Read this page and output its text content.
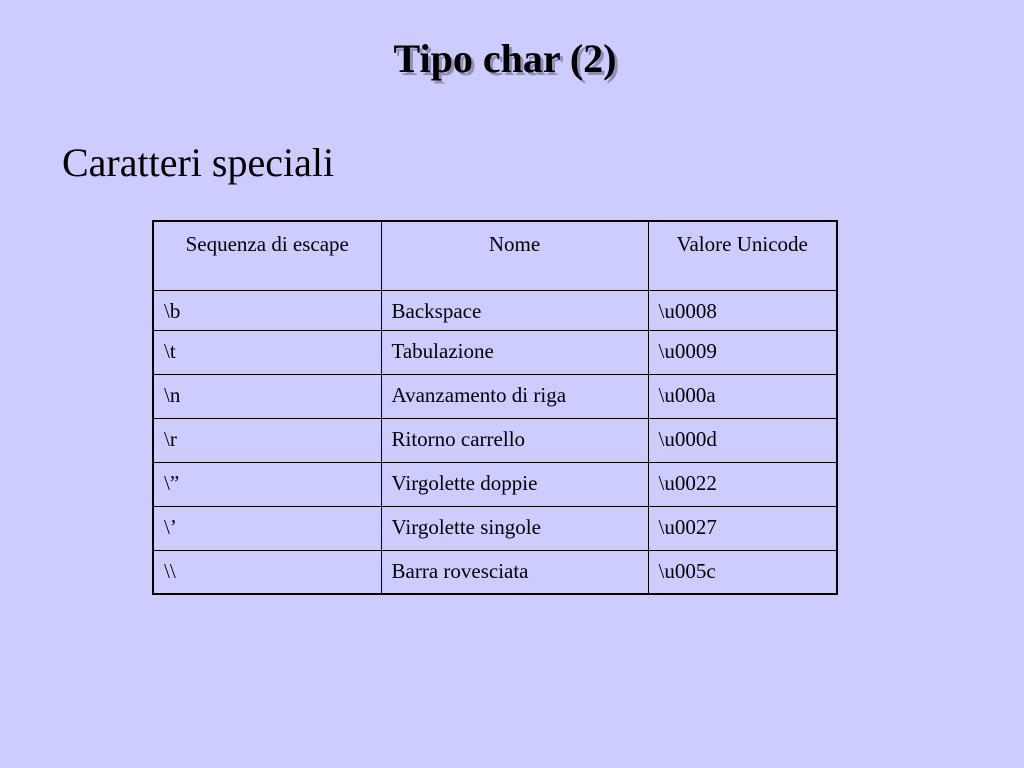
Tipo char (2)
Caratteri speciali
Sequenza di escape	Nome	Valore Unicode
\b	Backspace	\u0008
\t	Tabulazione	\u0009
\n	Avanzamento di riga	\u000a
\r	Ritorno carrello	\u000d
\”	Virgolette doppie	\u0022
\’	Virgolette singole	\u0027
\\	Barra rovesciata	\u005c
